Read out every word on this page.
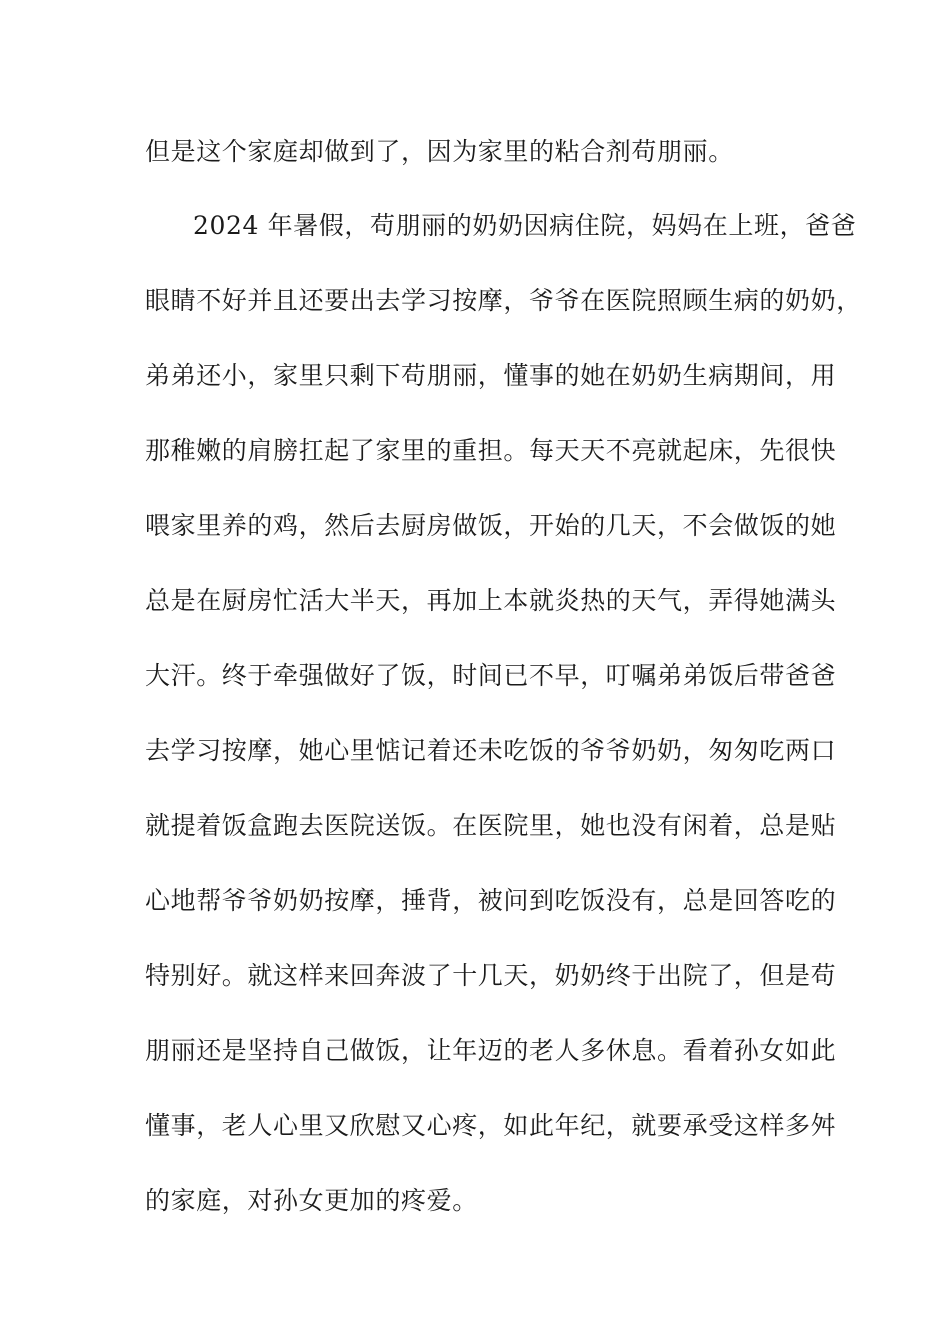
但是这个家庭却做到了，因为家里的粘合剂苟朋丽。
2024 年暑假，苟朋丽的奶奶因病住院，妈妈在上班，爸爸
眼睛不好并且还要出去学习按摩，爷爷在医院照顾生病的奶奶，
弟弟还小，家里只剩下苟朋丽，懂事的她在奶奶生病期间，用
那稚嫩的肩膀扛起了家里的重担。每天天不亮就起床，先很快
喂家里养的鸡，然后去厨房做饭，开始的几天，不会做饭的她
总是在厨房忙活大半天，再加上本就炎热的天气，弄得她满头
大汗。终于牵强做好了饭，时间已不早，叮嘱弟弟饭后带爸爸
去学习按摩，她心里惦记着还未吃饭的爷爷奶奶，匆匆吃两口
就提着饭盒跑去医院送饭。在医院里，她也没有闲着，总是贴
心地帮爷爷奶奶按摩，捶背，被问到吃饭没有，总是回答吃的
特别好。就这样来回奔波了十几天，奶奶终于出院了，但是苟
朋丽还是坚持自己做饭，让年迈的老人多休息。看着孙女如此
懂事，老人心里又欣慰又心疼，如此年纪，就要承受这样多舛
的家庭，对孙女更加的疼爱。
